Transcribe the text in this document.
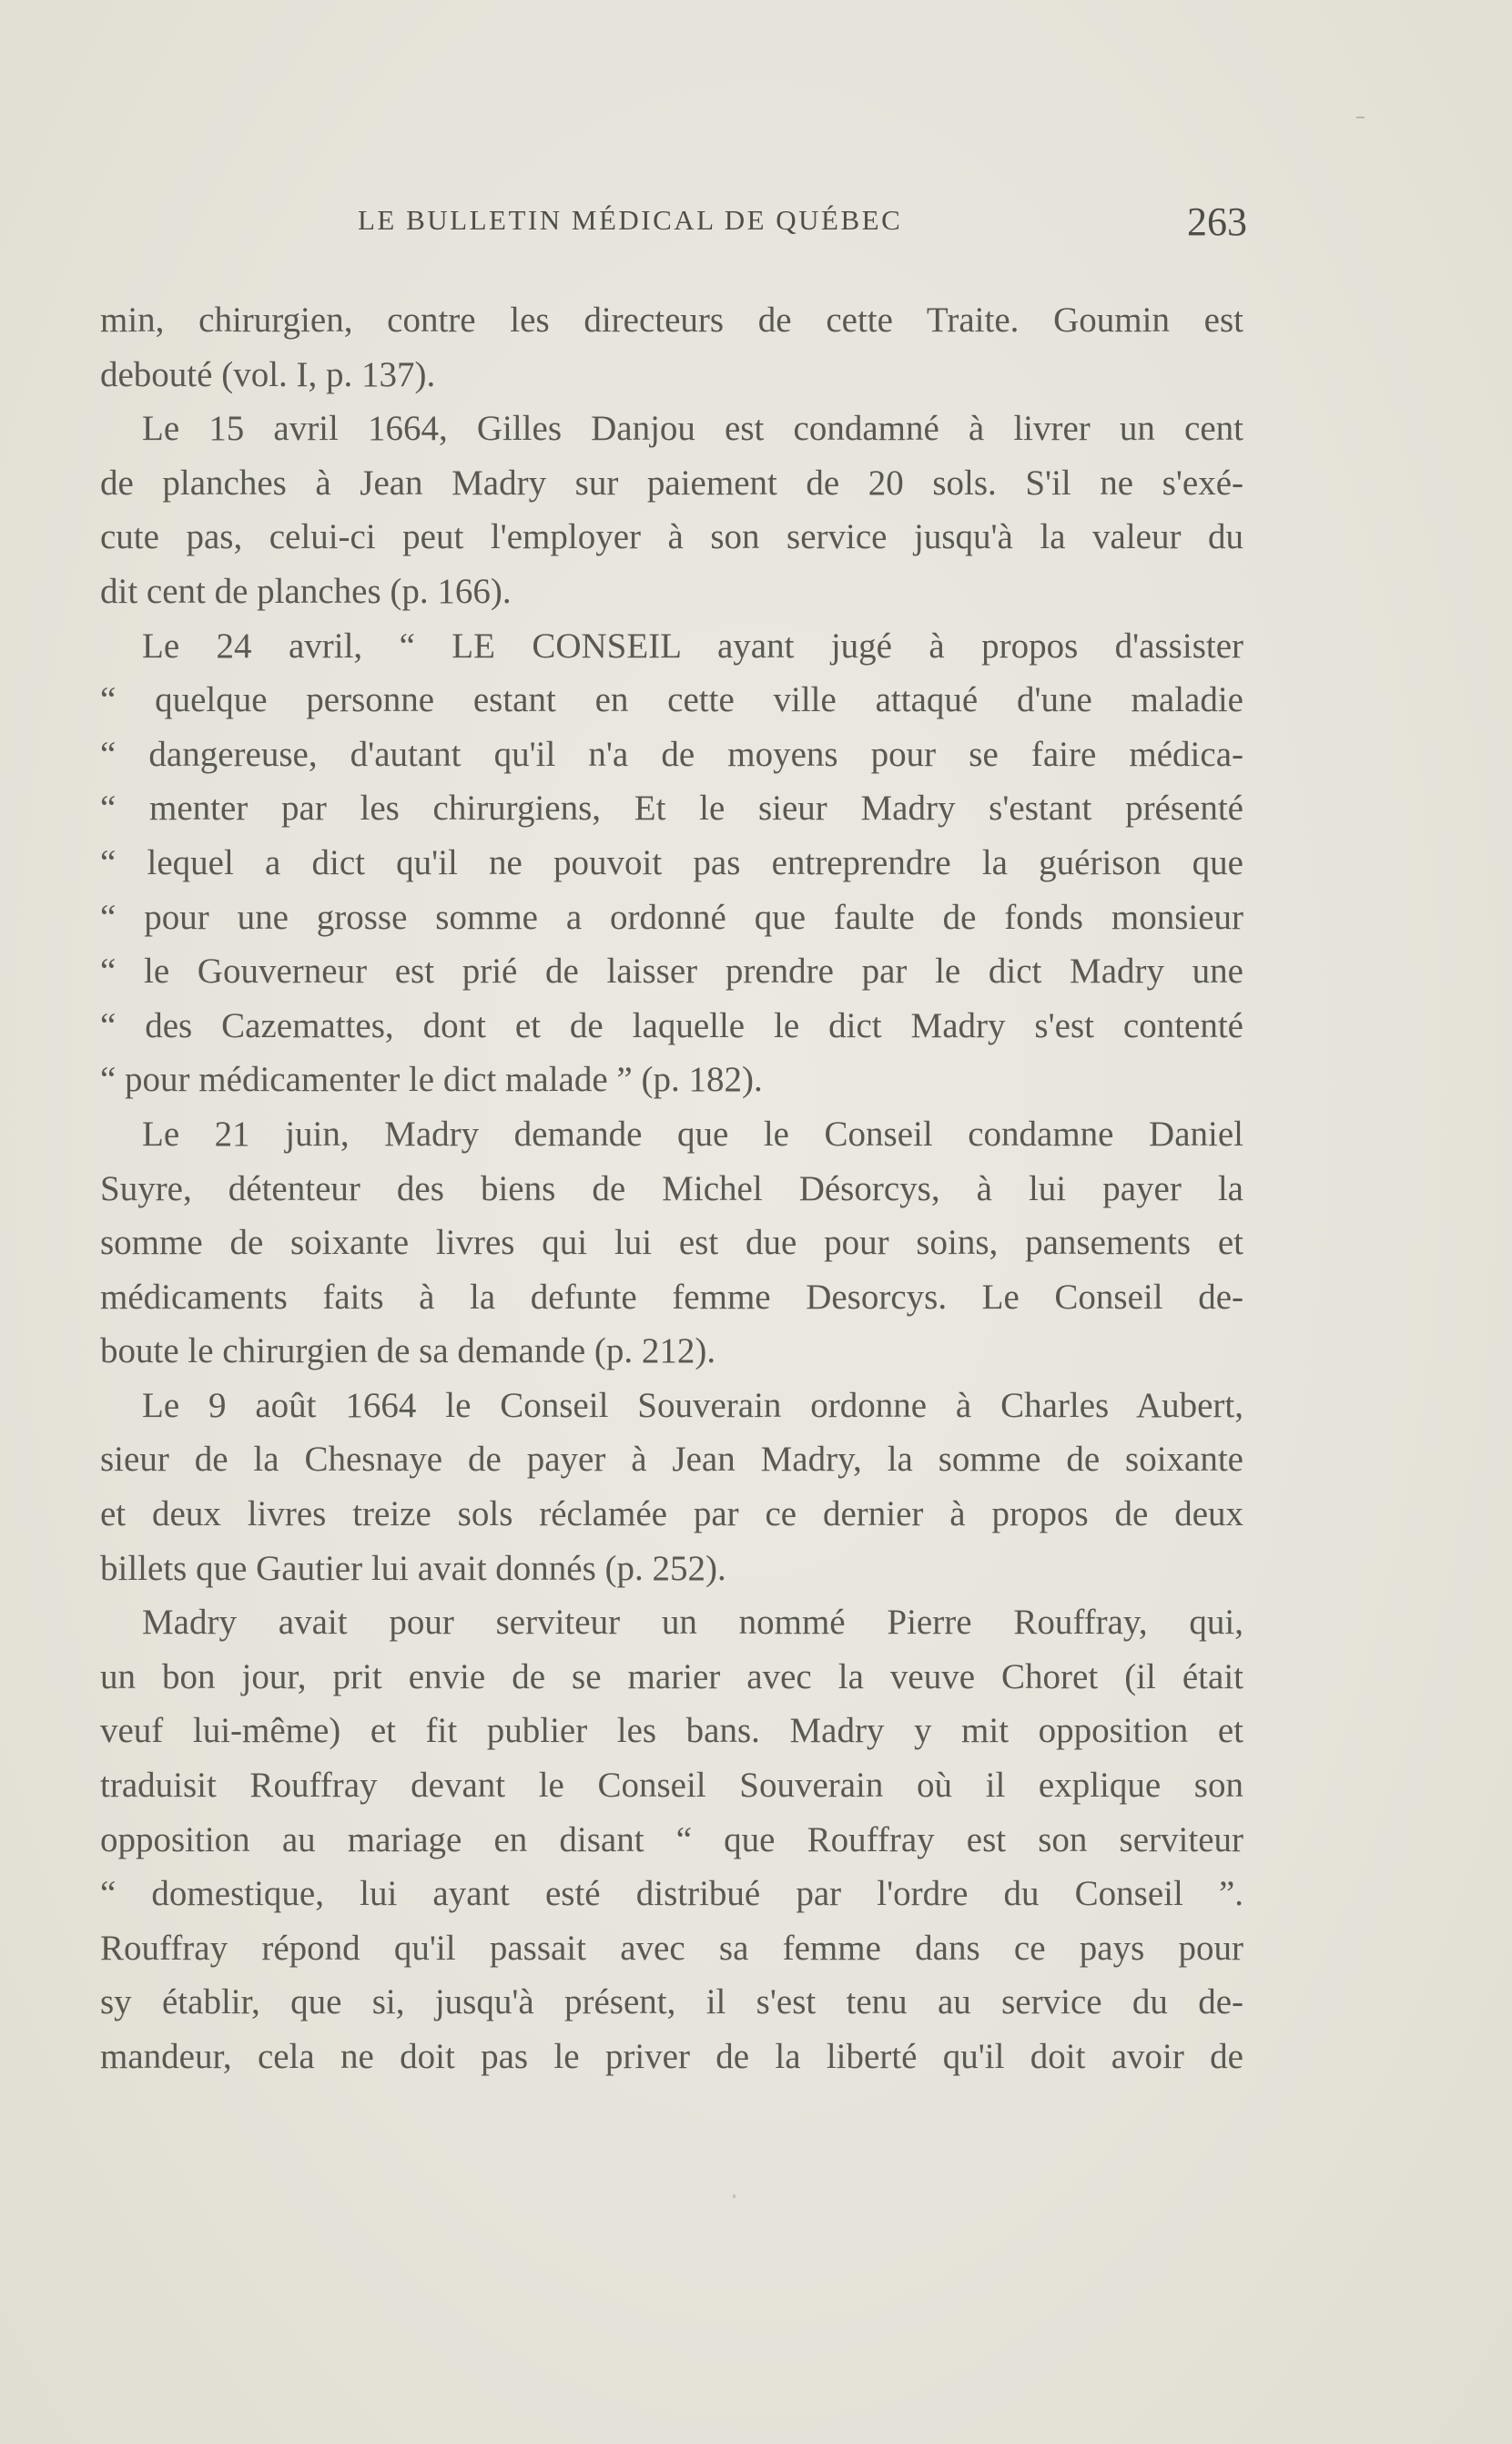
LE BULLETIN MÉDICAL DE QUÉBEC	263
min, chirurgien, contre les directeurs de cette Traite. Goumin est
debouté (vol. I, p. 137).
Le 15 avril 1664, Gilles Danjou est condamné à livrer un cent
de planches à Jean Madry sur paiement de 20 sols. S'il ne s'exé-
cute pas, celui-ci peut l'employer à son service jusqu'à la valeur du
dit cent de planches (p. 166).
Le 24 avril, “ LE CONSEIL ayant jugé à propos d'assister
“ quelque personne estant en cette ville attaqué d'une maladie
“ dangereuse, d'autant qu'il n'a de moyens pour se faire médica-
“ menter par les chirurgiens, Et le sieur Madry s'estant présenté
“ lequel a dict qu'il ne pouvoit pas entreprendre la guérison que
“ pour une grosse somme a ordonné que faulte de fonds monsieur
“ le Gouverneur est prié de laisser prendre par le dict Madry une
“ des Cazemattes, dont et de laquelle le dict Madry s'est contenté
“ pour médicamenter le dict malade ” (p. 182).
Le 21 juin, Madry demande que le Conseil condamne Daniel
Suyre, détenteur des biens de Michel Désorcys, à lui payer la
somme de soixante livres qui lui est due pour soins, pansements et
médicaments faits à la defunte femme Desorcys. Le Conseil de-
boute le chirurgien de sa demande (p. 212).
Le 9 août 1664 le Conseil Souverain ordonne à Charles Aubert,
sieur de la Chesnaye de payer à Jean Madry, la somme de soixante
et deux livres treize sols réclamée par ce dernier à propos de deux
billets que Gautier lui avait donnés (p. 252).
Madry avait pour serviteur un nommé Pierre Rouffray, qui,
un bon jour, prit envie de se marier avec la veuve Choret (il était
veuf lui-même) et fit publier les bans. Madry y mit opposition et
traduisit Rouffray devant le Conseil Souverain où il explique son
opposition au mariage en disant “ que Rouffray est son serviteur
“ domestique, lui ayant esté distribué par l'ordre du Conseil ”.
Rouffray répond qu'il passait avec sa femme dans ce pays pour
sy établir, que si, jusqu'à présent, il s'est tenu au service du de-
mandeur, cela ne doit pas le priver de la liberté qu'il doit avoir de
